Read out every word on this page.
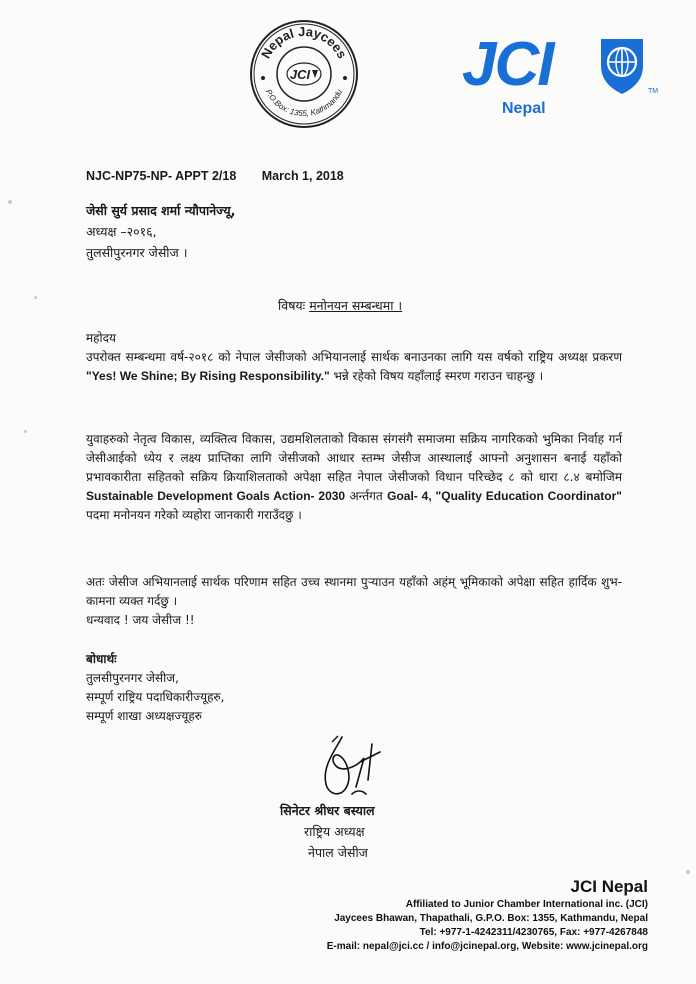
Nepal Jaycees
P.O.Box: 1355, Kathmandu
JCI JCI
Nepal
TM
NJC-NP75-NP- APPT 2/18 March 1, 2018
जेसी सुर्य प्रसाद शर्मा न्यौपानेज्यू,
अध्यक्ष –२०१६,
तुलसीपुरनगर जेसीज ।
विषयः मनोनयन सम्बन्धमा ।
महोदय
उपरोक्त सम्बन्धमा वर्ष-२०१८ को नेपाल जेसीजको अभियानलाई सार्थक बनाउनका लागि यस वर्षको राष्ट्रिय अध्यक्ष प्रकरण "Yes! We Shine; By Rising Responsibility." भन्ने रहेको विषय यहाँलाई स्मरण गराउन चाहन्छु ।
युवाहरुको नेतृत्व विकास, व्यक्तित्व विकास, उद्यमशिलताको विकास संगसंगै समाजमा सक्रिय नागरिकको भुमिका निर्वाह गर्न जेसीआईको ध्येय र लक्ष्य प्राप्तिका लागि जेसीजको आधार स्तम्भ जेसीज आस्थालाई आफ्नो अनुशासन बनाई यहाँको प्रभावकारीता सहितको सक्रिय क्रियाशिलताको अपेक्षा सहित नेपाल जेसीजको विधान परिच्छेद ८ को धारा ८.४ बमोजिम Sustainable Development Goals Action- 2030 अर्न्तगत Goal- 4, "Quality Education Coordinator" पदमा मनोनयन गरेको व्यहोरा जानकारी गराउँदछु ।
अतः जेसीज अभियानलाई सार्थक परिणाम सहित उच्च स्थानमा पुर्‍याउन यहाँको अहंम् भूमिकाको अपेक्षा सहित हार्दिक शुभ-कामना व्यक्त गर्दछु ।
धन्यवाद ! जय जेसीज !!
बोधार्थः
तुलसीपुरनगर जेसीज,
सम्पूर्ण राष्ट्रिय पदाधिकारीज्यूहरु,
सम्पूर्ण शाखा अध्यक्षज्यूहरु
सिनेटर श्रीधर बस्याल
राष्ट्रिय अध्यक्ष
नेपाल जेसीज
JCI Nepal
Affiliated to Junior Chamber International inc. (JCI)
Jaycees Bhawan, Thapathali, G.P.O. Box: 1355, Kathmandu, Nepal
Tel: +977-1-4242311/4230765, Fax: +977-4267848
E-mail: nepal@jci.cc / info@jcinepal.org, Website: www.jcinepal.org
